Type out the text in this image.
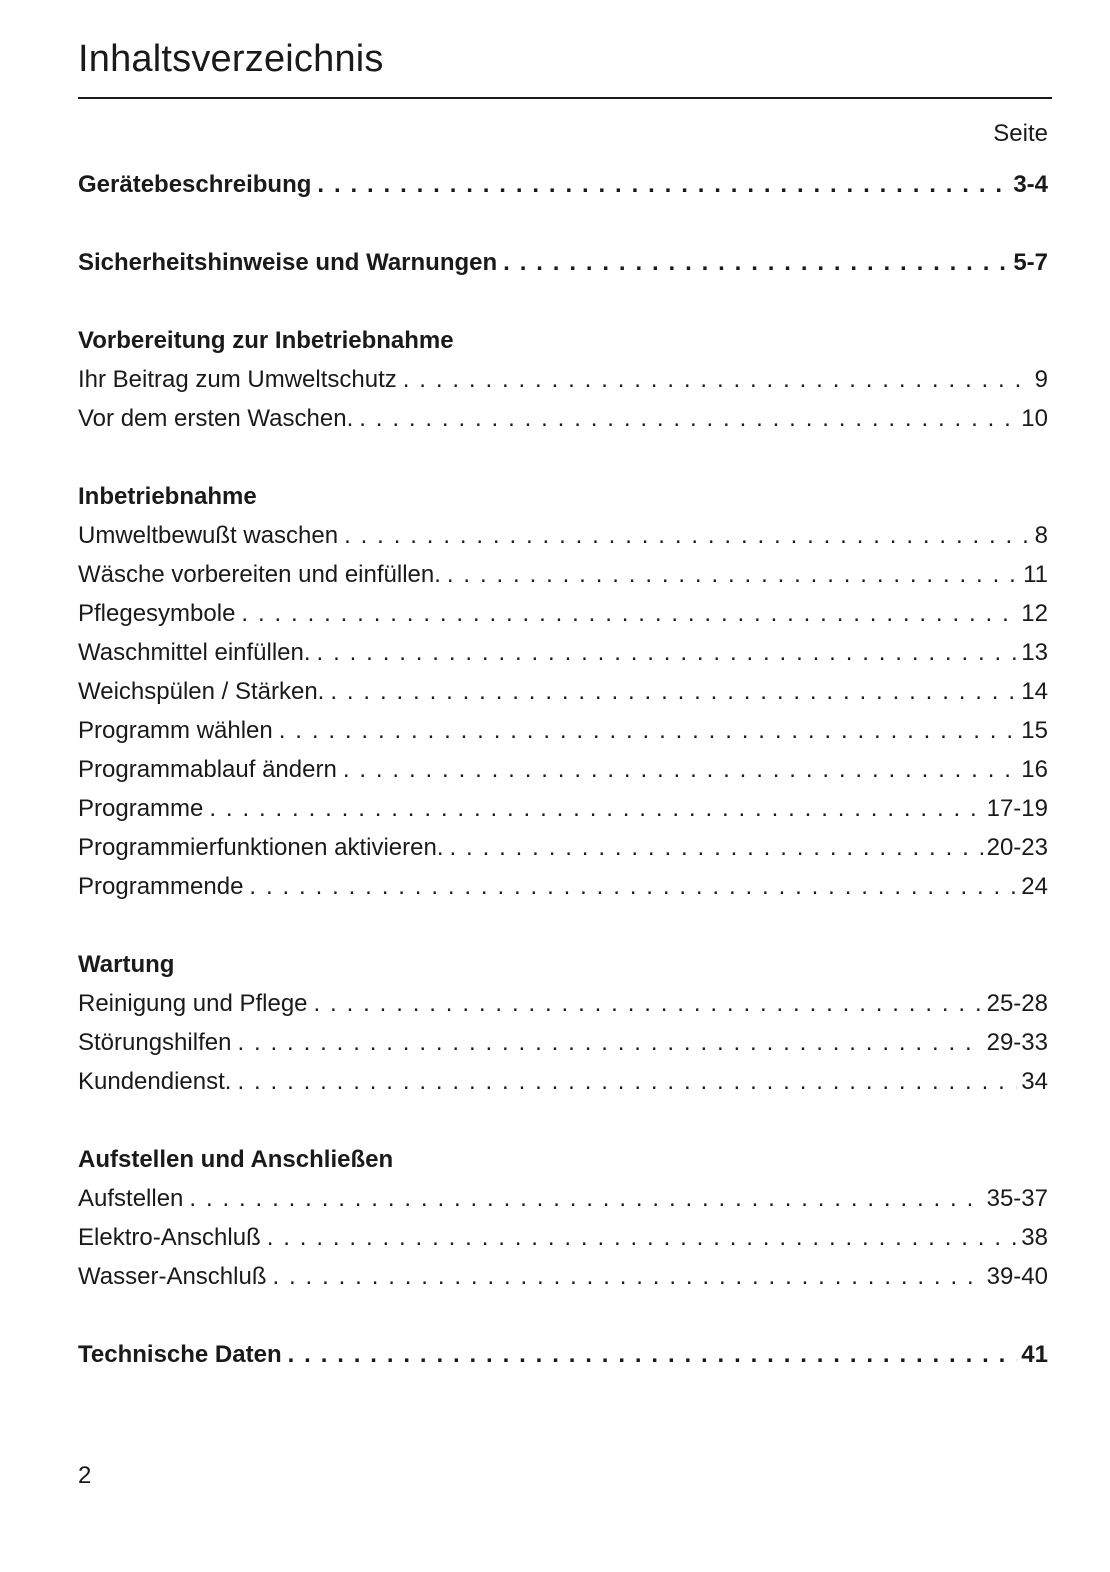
Inhaltsverzeichnis
Seite
Gerätebeschreibung . . .	3-4
Sicherheitshinweise und Warnungen . . .	5-7
Vorbereitung zur Inbetriebnahme
Ihr Beitrag zum Umweltschutz . . .	9
Vor dem ersten Waschen. . . .	10
Inbetriebnahme
Umweltbewußt waschen . . .	8
Wäsche vorbereiten und einfüllen. . . .	11
Pflegesymbole . . .	12
Waschmittel einfüllen. . . .	13
Weichspülen / Stärken. . . .	14
Programm wählen . . .	15
Programmablauf ändern . . .	16
Programme . . .	17-19
Programmierfunktionen aktivieren. . . .	20-23
Programmende . . .	24
Wartung
Reinigung und Pflege . . .	25-28
Störungshilfen . . .	29-33
Kundendienst. . . .	34
Aufstellen und Anschließen
Aufstellen . . .	35-37
Elektro-Anschluß . . .	38
Wasser-Anschluß . . .	39-40
Technische Daten . . .	41
2
